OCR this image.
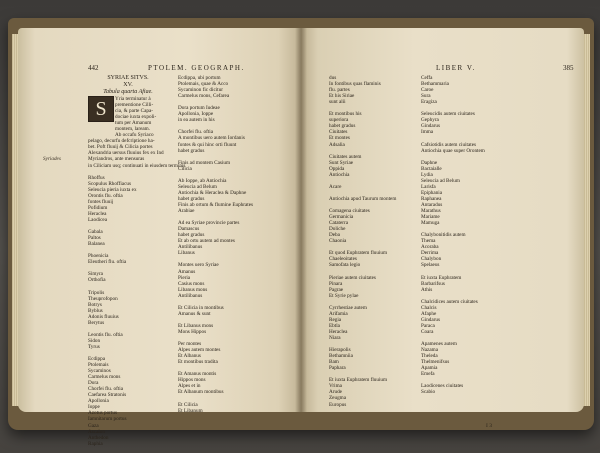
442	PTOLEM. GEOGRAPH.
SYRIAE SITVS.
XV.
Tabula quarta Afiae.
Yria terminatur à
prementione Cilli-
cia, & parte Capa-
dociae iuxta expoli-
tum per Amanum
montem, laream.
Ab occafu Syriaco
pelago, decurfu defcriptione ha-
bet. Poft fluuij & Cilicia portes
Alexandria uersus fluuius fex ex Ind
Myriandros, ante mensuras
in Ciliciam usq; continuati in eiusdem terminis

Rhoffus
Scopulus Rhoffiacus
Seleucia pieria iuxta ex
Orontis flu. oftia
fontes fluuij
Pofidium
Heraclea
Laodicea

Gabala
Paltos
Balanea

Phoenicia
Eleutheri flu. oftia

Simyra
Orthofia

Tripolis
Theuprofopon
Botrys
Byblus
Adonis fluuius
Berytus

Leontis flu. oftia
Sidon
Tyrus

Ecdippa
Ptolemais
Sycaminos
Carmelus mons
Dora
Chorfei flu. oftia
Caefarea Stratonis
Apollonia
Ioppe
Azotus portus
Iamnitarum portus
Gaza
Ascalon
Anthedon
Raphia
S
Ecdippa, ubi portum
Ptolemais, quae & Acco
Sycaminon fic dicitur
Carmelus mons, Cefarea

Dora portum Iudeae
Apollonia, Ioppe
in ea autem in his

Chorfei flu. oftia
A montibus uero autem Iordanis
fontes & qui hinc orti fluunt
habet gradus

Finis ad montem Casium
Cilicia

Ab Ioppe, ab Antiochia
Seleucia ad Belum
Antiochia & Heraclea & Daphne
habet gradus
Finis ab ortum & flumine Euphrates
Arabiae

Ad ea Syriae provincie partes
Damascus
habet gradus
Et ab ortu autem ad montes
Antilibanus
Libanus

Montes uero Syriae
Amanus
Pieria
Casius mons
Libanus mons
Antilibanus

Et Cilicia in montibus
Amanus & sunt

Et Libanus mons
Mons Hippos

Per montes
Alpes autem montes
Et Albanus
Et montibus tradita

Et Amanus montis
Hippos mons
Alpes et in
Et Albanum montibus

Et Cilicia
Et Libanum
Syriades
LIBER V.	385
dus
In fontibus quas flaminis
flu. partes
Et his Siriae
sunt alii

Et montibus his
superiora
habet gradus
Ciuitates
Et montes
Adsalia

Ciuitates autem
Sunt Syriae
Oppida
Antiochia

Acare

Antiochia apud Taurum montem

Comagena ciuitates
Germanicia
Cataterra
Doliche
Deba
Chaonia

Et quod Euphratem fluuium
Chaeleoitates
Samofata legio

Pieriae autem ciuitates
Pinara
Pagrae
Et Syrie pylae

Cyrrhestiae autem
Arifamia
Regia
Ebtla
Heraclea
Niara

Hierapolis
Bethamniia
Bam
Paphara

Et iuxta Euphratem fluuium
Vrima
Arude
Zeugma
Europus
Ceffa
Bethammaria
Caroe
Sura
Eragiza

Seleucidis autem ciuitates
Gephyra
Gindarus
Imma

Cafsiotidis autem ciuitates
Antiochia quae super Orontem

Daphne
Bactaialle
Lydia
Seleucia ad Belum
Larisfa
Epiphania
Raphanea
Antaradus
Marathus
Mariame
Mamuga

Chalybonitidis autem
Thema
Acoraba
Derrima
Chalybon
Spelaeus

Et iuxta Euphratem
Barbarifsus
Athis

Chalcidices autem ciuitates
Chalcis
Afaphe
Gindarus
Paraca
Coara

Apamenes autem
Nazama
Theleda
Thelmenifsus
Apamia
Emefa

Laodicenes ciuitates
Scabio
I 3
